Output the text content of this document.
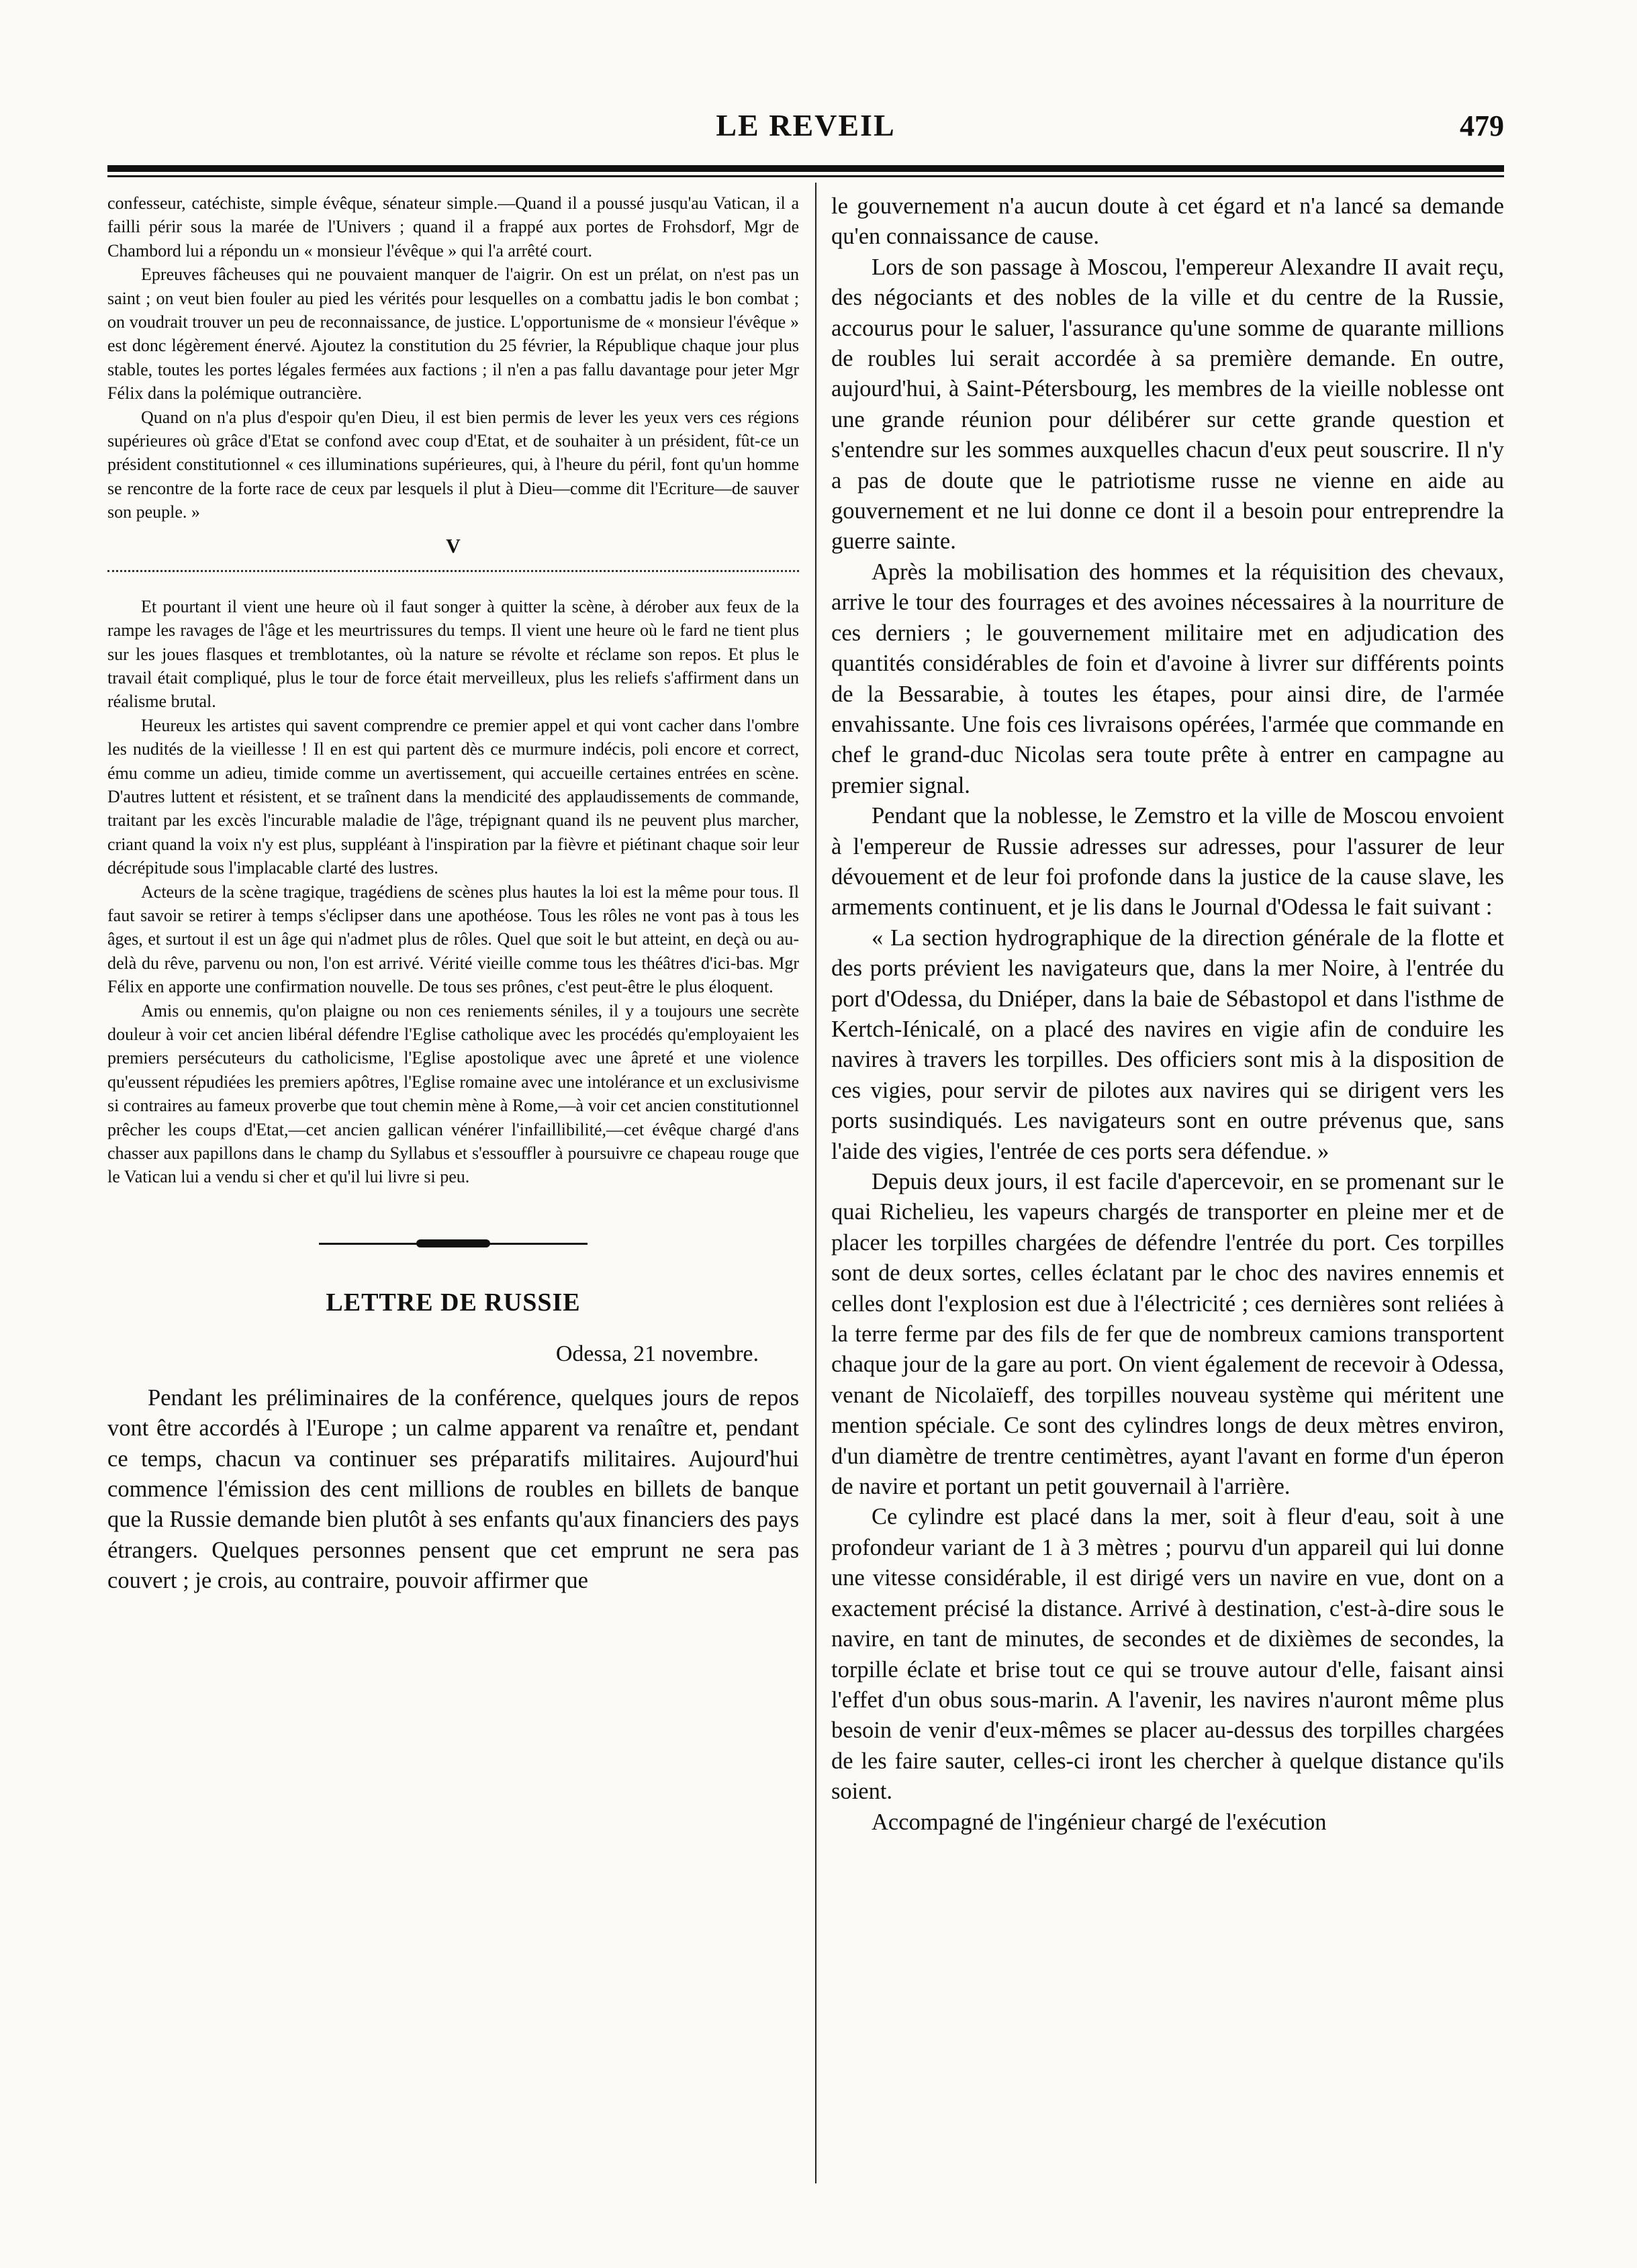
LE REVEIL	479

confesseur, catéchiste, simple évêque, sénateur simple.—Quand il a poussé jusqu'au Vatican, il a failli périr sous la marée de l'Univers ; quand il a frappé aux portes de Frohsdorf, Mgr de Chambord lui a répondu un « monsieur l'évêque » qui l'a arrêté court.

Epreuves fâcheuses qui ne pouvaient manquer de l'aigrir. On est un prélat, on n'est pas un saint ; on veut bien fouler au pied les vérités pour lesquelles on a combattu jadis le bon combat ; on voudrait trouver un peu de reconnaissance, de justice. L'opportunisme de « monsieur l'évêque » est donc légèrement énervé. Ajoutez la constitution du 25 février, la République chaque jour plus stable, toutes les portes légales fermées aux factions ; il n'en a pas fallu davantage pour jeter Mgr Félix dans la polémique outrancière.

Quand on n'a plus d'espoir qu'en Dieu, il est bien permis de lever les yeux vers ces régions supérieures où grâce d'Etat se confond avec coup d'Etat, et de souhaiter à un président, fût-ce un président constitutionnel « ces illuminations supérieures, qui, à l'heure du péril, font qu'un homme se rencontre de la forte race de ceux par lesquels il plut à Dieu—comme dit l'Ecriture—de sauver son peuple. »

V

Et pourtant il vient une heure où il faut songer à quitter la scène, à dérober aux feux de la rampe les ravages de l'âge et les meurtrissures du temps. Il vient une heure où le fard ne tient plus sur les joues flasques et tremblotantes, où la nature se révolte et réclame son repos. Et plus le travail était compliqué, plus le tour de force était merveilleux, plus les reliefs s'affirment dans un réalisme brutal.

Heureux les artistes qui savent comprendre ce premier appel et qui vont cacher dans l'ombre les nudités de la vieillesse ! Il en est qui partent dès ce murmure indécis, poli encore et correct, ému comme un adieu, timide comme un avertissement, qui accueille certaines entrées en scène. D'autres luttent et résistent, et se traînent dans la mendicité des applaudissements de commande, traitant par les excès l'incurable maladie de l'âge, trépignant quand ils ne peuvent plus marcher, criant quand la voix n'y est plus, suppléant à l'inspiration par la fièvre et piétinant chaque soir leur décrépitude sous l'implacable clarté des lustres.

Acteurs de la scène tragique, tragédiens de scènes plus hautes la loi est la même pour tous. Il faut savoir se retirer à temps s'éclipser dans une apothéose. Tous les rôles ne vont pas à tous les âges, et surtout il est un âge qui n'admet plus de rôles. Quel que soit le but atteint, en deçà ou au-delà du rêve, parvenu ou non, l'on est arrivé. Vérité vieille comme tous les théâtres d'ici-bas. Mgr Félix en apporte une confirmation nouvelle. De tous ses prônes, c'est peut-être le plus éloquent.

Amis ou ennemis, qu'on plaigne ou non ces reniements séniles, il y a toujours une secrète douleur à voir cet ancien libéral défendre l'Eglise catholique avec les procédés qu'employaient les premiers persécuteurs du catholicisme, l'Eglise apostolique avec une âpreté et une violence qu'eussent répudiées les premiers apôtres, l'Eglise romaine avec une intolérance et un exclusivisme si contraires au fameux proverbe que tout chemin mène à Rome,—à voir cet ancien constitutionnel prêcher les coups d'Etat,—cet ancien gallican vénérer l'infaillibilité,—cet évêque chargé d'ans chasser aux papillons dans le champ du Syllabus et s'essouffler à poursuivre ce chapeau rouge que le Vatican lui a vendu si cher et qu'il lui livre si peu.

LETTRE DE RUSSIE
Odessa, 21 novembre.

Pendant les préliminaires de la conférence, quelques jours de repos vont être accordés à l'Europe ; un calme apparent va renaître et, pendant ce temps, chacun va continuer ses préparatifs militaires. Aujourd'hui commence l'émission des cent millions de roubles en billets de banque que la Russie demande bien plutôt à ses enfants qu'aux financiers des pays étrangers. Quelques personnes pensent que cet emprunt ne sera pas couvert ; je crois, au contraire, pouvoir affirmer que

le gouvernement n'a aucun doute à cet égard et n'a lancé sa demande qu'en connaissance de cause.

Lors de son passage à Moscou, l'empereur Alexandre II avait reçu, des négociants et des nobles de la ville et du centre de la Russie, accourus pour le saluer, l'assurance qu'une somme de quarante millions de roubles lui serait accordée à sa première demande. En outre, aujourd'hui, à Saint-Pétersbourg, les membres de la vieille noblesse ont une grande réunion pour délibérer sur cette grande question et s'entendre sur les sommes auxquelles chacun d'eux peut souscrire. Il n'y a pas de doute que le patriotisme russe ne vienne en aide au gouvernement et ne lui donne ce dont il a besoin pour entreprendre la guerre sainte.

Après la mobilisation des hommes et la réquisition des chevaux, arrive le tour des fourrages et des avoines nécessaires à la nourriture de ces derniers ; le gouvernement militaire met en adjudication des quantités considérables de foin et d'avoine à livrer sur différents points de la Bessarabie, à toutes les étapes, pour ainsi dire, de l'armée envahissante. Une fois ces livraisons opérées, l'armée que commande en chef le grand-duc Nicolas sera toute prête à entrer en campagne au premier signal.

Pendant que la noblesse, le Zemstro et la ville de Moscou envoient à l'empereur de Russie adresses sur adresses, pour l'assurer de leur dévouement et de leur foi profonde dans la justice de la cause slave, les armements continuent, et je lis dans le Journal d'Odessa le fait suivant :

« La section hydrographique de la direction générale de la flotte et des ports prévient les navigateurs que, dans la mer Noire, à l'entrée du port d'Odessa, du Dniéper, dans la baie de Sébastopol et dans l'isthme de Kertch-Iénicalé, on a placé des navires en vigie afin de conduire les navires à travers les torpilles. Des officiers sont mis à la disposition de ces vigies, pour servir de pilotes aux navires qui se dirigent vers les ports susindiqués. Les navigateurs sont en outre prévenus que, sans l'aide des vigies, l'entrée de ces ports sera défendue. »

Depuis deux jours, il est facile d'apercevoir, en se promenant sur le quai Richelieu, les vapeurs chargés de transporter en pleine mer et de placer les torpilles chargées de défendre l'entrée du port. Ces torpilles sont de deux sortes, celles éclatant par le choc des navires ennemis et celles dont l'explosion est due à l'électricité ; ces dernières sont reliées à la terre ferme par des fils de fer que de nombreux camions transportent chaque jour de la gare au port. On vient également de recevoir à Odessa, venant de Nicolaïeff, des torpilles nouveau système qui méritent une mention spéciale. Ce sont des cylindres longs de deux mètres environ, d'un diamètre de trentre centimètres, ayant l'avant en forme d'un éperon de navire et portant un petit gouvernail à l'arrière.

Ce cylindre est placé dans la mer, soit à fleur d'eau, soit à une profondeur variant de 1 à 3 mètres ; pourvu d'un appareil qui lui donne une vitesse considérable, il est dirigé vers un navire en vue, dont on a exactement précisé la distance. Arrivé à destination, c'est-à-dire sous le navire, en tant de minutes, de secondes et de dixièmes de secondes, la torpille éclate et brise tout ce qui se trouve autour d'elle, faisant ainsi l'effet d'un obus sous-marin. A l'avenir, les navires n'auront même plus besoin de venir d'eux-mêmes se placer au-dessus des torpilles chargées de les faire sauter, celles-ci iront les chercher à quelque distance qu'ils soient.

Accompagné de l'ingénieur chargé de l'exécution
